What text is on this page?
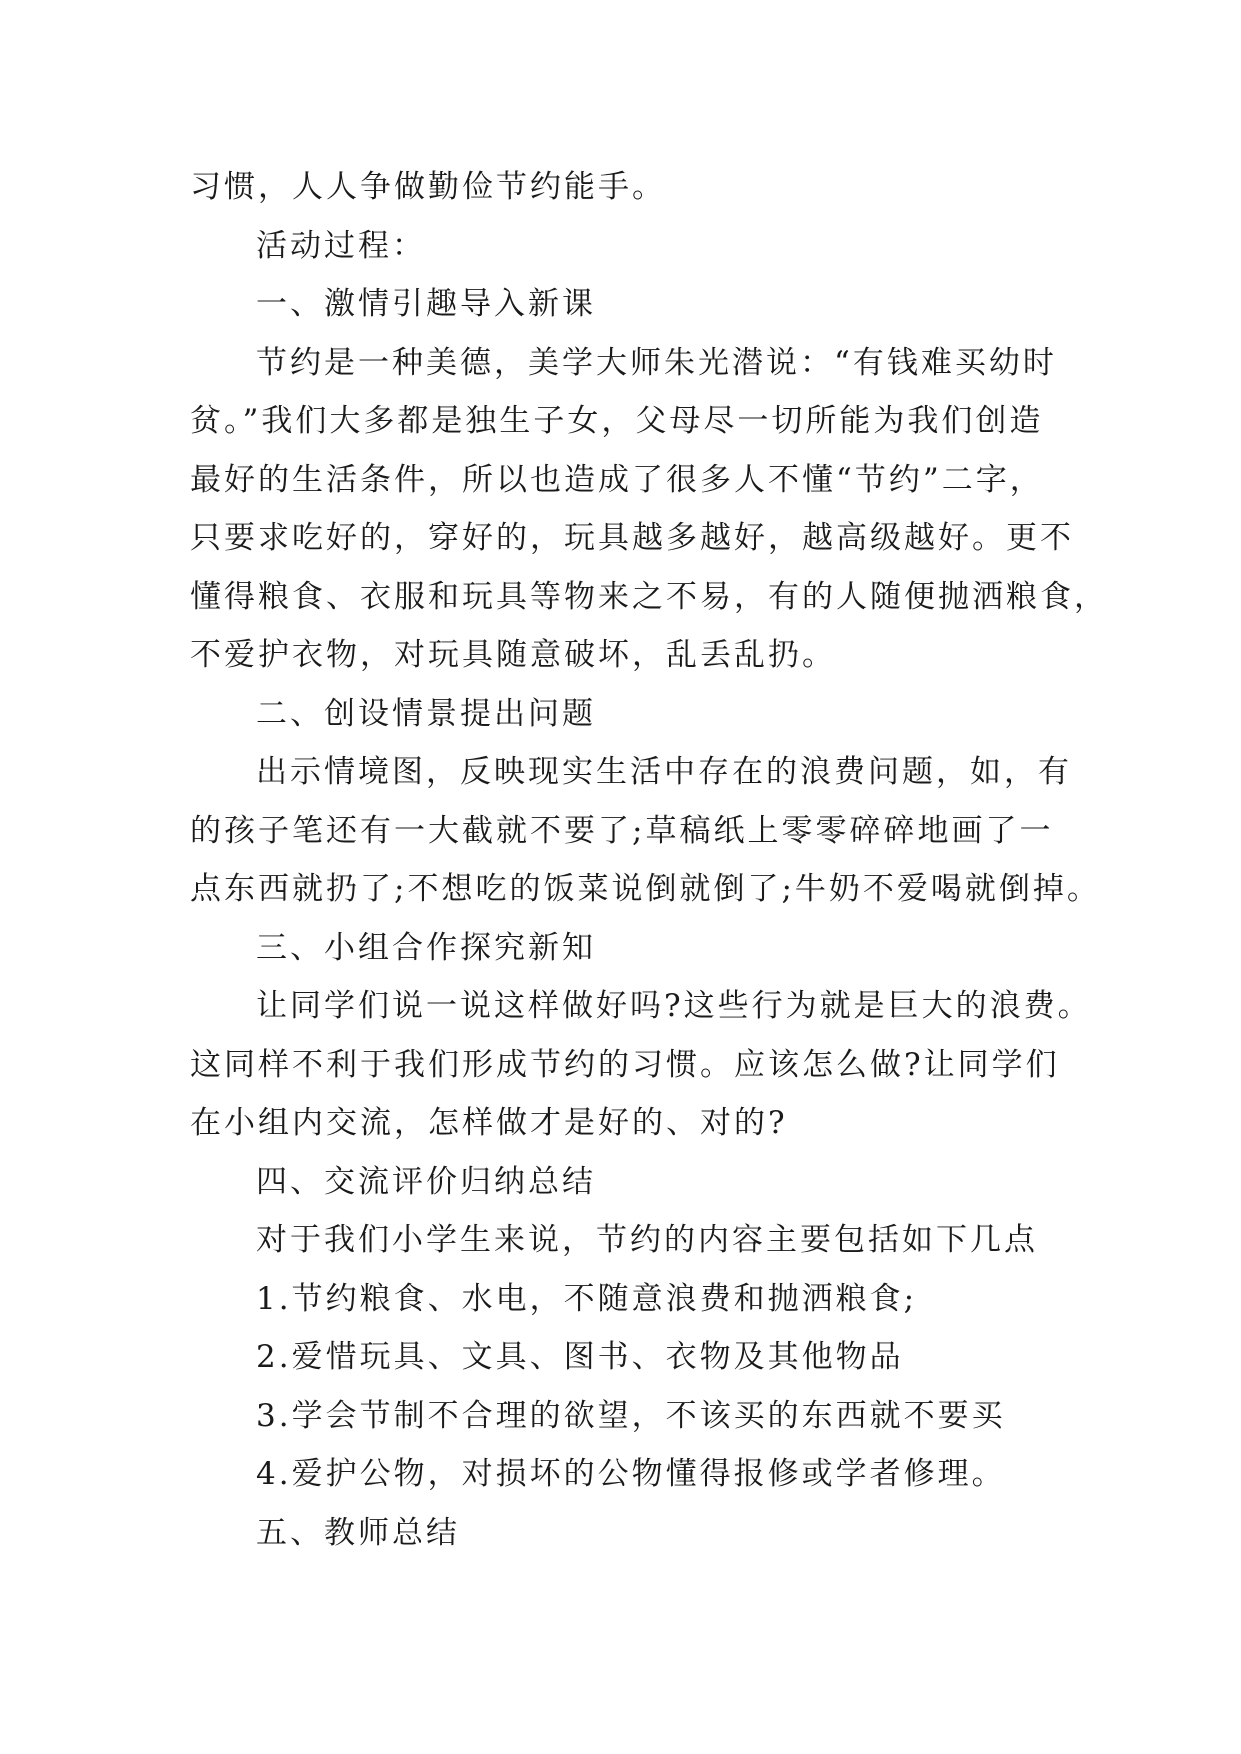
习惯，人人争做勤俭节约能手。

活动过程：

一、激情引趣导入新课

节约是一种美德，美学大师朱光潜说：“有钱难买幼时

贫。”我们大多都是独生子女，父母尽一切所能为我们创造

最好的生活条件，所以也造成了很多人不懂“节约”二字，

只要求吃好的，穿好的，玩具越多越好，越高级越好。更不

懂得粮食、衣服和玩具等物来之不易，有的人随便抛洒粮食，

不爱护衣物，对玩具随意破坏，乱丢乱扔。

二、创设情景提出问题

出示情境图，反映现实生活中存在的浪费问题，如，有

的孩子笔还有一大截就不要了;草稿纸上零零碎碎地画了一

点东西就扔了;不想吃的饭菜说倒就倒了;牛奶不爱喝就倒掉。

三、小组合作探究新知

让同学们说一说这样做好吗?这些行为就是巨大的浪费。

这同样不利于我们形成节约的习惯。应该怎么做?让同学们

在小组内交流，怎样做才是好的、对的?

四、交流评价归纳总结

对于我们小学生来说，节约的内容主要包括如下几点

1.节约粮食、水电，不随意浪费和抛洒粮食;

2.爱惜玩具、文具、图书、衣物及其他物品

3.学会节制不合理的欲望，不该买的东西就不要买

4.爱护公物，对损坏的公物懂得报修或学者修理。

五、教师总结
